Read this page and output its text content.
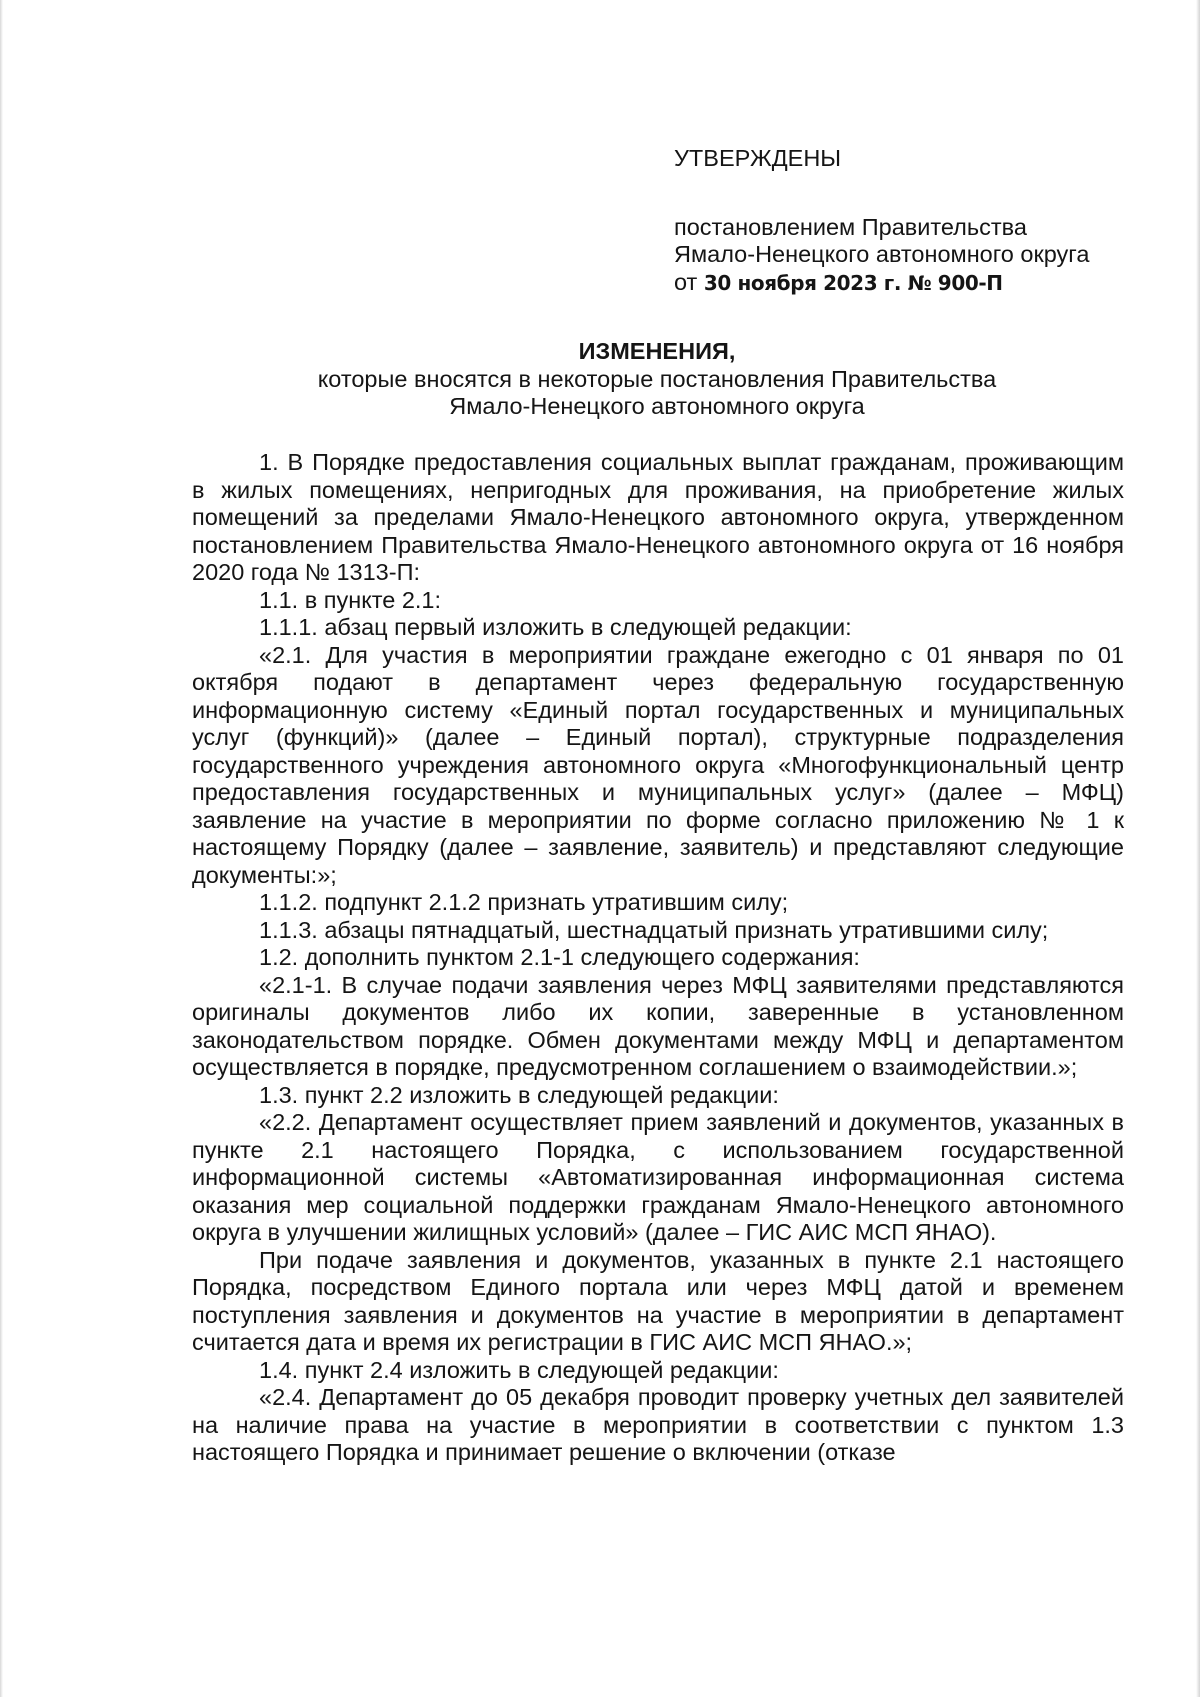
УТВЕРЖДЕНЫ
постановлением Правительства
Ямало-Ненецкого автономного округа
от 30 ноября 2023 г. № 900-П
ИЗМЕНЕНИЯ,
которые вносятся в некоторые постановления Правительства
Ямало-Ненецкого автономного округа

1. В Порядке предоставления социальных выплат гражданам, проживающим в жилых помещениях, непригодных для проживания, на приобретение жилых помещений за пределами Ямало-Ненецкого автономного округа, утвержденном постановлением Правительства Ямало-Ненецкого автономного округа от 16 ноября 2020 года № 1313-П:

1.1. в пункте 2.1:

1.1.1. абзац первый изложить в следующей редакции:

«2.1. Для участия в мероприятии граждане ежегодно с 01 января по 01 октября подают в департамент через федеральную государственную информационную систему «Единый портал государственных и муниципальных услуг (функций)» (далее – Единый портал), структурные подразделения государственного учреждения автономного округа «Многофункциональный центр предоставления государственных и муниципальных услуг» (далее – МФЦ) заявление на участие в мероприятии по форме согласно приложению № 1 к настоящему Порядку (далее – заявление, заявитель) и представляют следующие документы:»;

1.1.2. подпункт 2.1.2 признать утратившим силу;

1.1.3. абзацы пятнадцатый, шестнадцатый признать утратившими силу;

1.2. дополнить пунктом 2.1-1 следующего содержания:

«2.1-1. В случае подачи заявления через МФЦ заявителями представляются оригиналы документов либо их копии, заверенные в установленном законодательством порядке. Обмен документами между МФЦ и департаментом осуществляется в порядке, предусмотренном соглашением о взаимодействии.»;

1.3. пункт 2.2 изложить в следующей редакции:

«2.2. Департамент осуществляет прием заявлений и документов, указанных в пункте 2.1 настоящего Порядка, с использованием государственной информационной системы «Автоматизированная информационная система оказания мер социальной поддержки гражданам Ямало-Ненецкого автономного округа в улучшении жилищных условий» (далее – ГИС АИС МСП ЯНАО).

При подаче заявления и документов, указанных в пункте 2.1 настоящего Порядка, посредством Единого портала или через МФЦ датой и временем поступления заявления и документов на участие в мероприятии в департамент считается дата и время их регистрации в ГИС АИС МСП ЯНАО.»;

1.4. пункт 2.4 изложить в следующей редакции:

«2.4. Департамент до 05 декабря проводит проверку учетных дел заявителей на наличие права на участие в мероприятии в соответствии с пунктом 1.3 настоящего Порядка и принимает решение о включении (отказе
